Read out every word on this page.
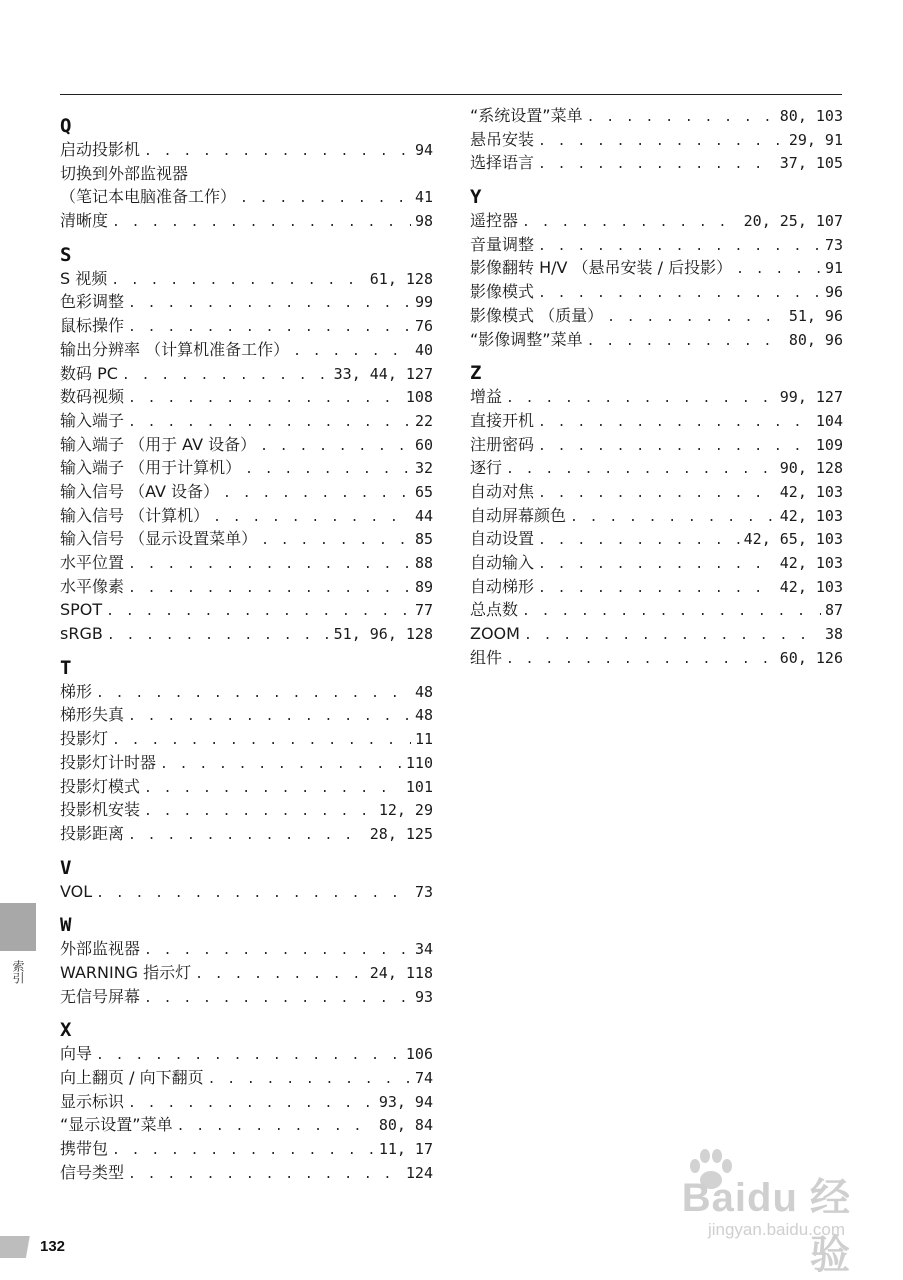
Q
启动投影机 . . .	94
切换到外部监视器
（笔记本电脑准备工作） . . .	41
清晰度 . . .	98
S
S 视频 . . .	61, 128
色彩调整 . . .	99
鼠标操作 . . .	76
输出分辨率 （计算机准备工作） . . .	40
数码 PC . . .	33, 44, 127
数码视频 . . .	108
输入端子 . . .	22
输入端子 （用于 AV 设备） . . .	60
输入端子 （用于计算机） . . .	32
输入信号 （AV 设备） . . .	65
输入信号 （计算机） . . .	44
输入信号 （显示设置菜单） . . .	85
水平位置 . . .	88
水平像素 . . .	89
SPOT . . .	77
sRGB . . .	51, 96, 128
T
梯形 . . .	48
梯形失真 . . .	48
投影灯 . . .	11
投影灯计时器 . . .	110
投影灯模式 . . .	101
投影机安装 . . .	12, 29
投影距离 . . .	28, 125
V
VOL . . .	73
W
外部监视器 . . .	34
WARNING 指示灯 . . .	24, 118
无信号屏幕 . . .	93
X
向导 . . .	106
向上翻页 / 向下翻页 . . .	74
显示标识 . . .	93, 94
“显示设置”菜单 . . .	80, 84
携带包 . . .	11, 17
信号类型 . . .	124
“系统设置”菜单 . . .	80, 103
悬吊安装 . . .	29, 91
选择语言 . . .	37, 105
Y
遥控器 . . .	20, 25, 107
音量调整 . . .	73
影像翻转 H/V （悬吊安装 / 后投影） . . .	91
影像模式 . . .	96
影像模式 （质量） . . .	51, 96
“影像调整”菜单 . . .	80, 96
Z
增益 . . .	99, 127
直接开机 . . .	104
注册密码 . . .	109
逐行 . . .	90, 128
自动对焦 . . .	42, 103
自动屏幕颜色 . . .	42, 103
自动设置 . . .	42, 65, 103
自动输入 . . .	42, 103
自动梯形 . . .	42, 103
总点数 . . .	87
ZOOM . . .	38
组件 . . .	60, 126
索引
132
Baidu 经验
jingyan.baidu.com
